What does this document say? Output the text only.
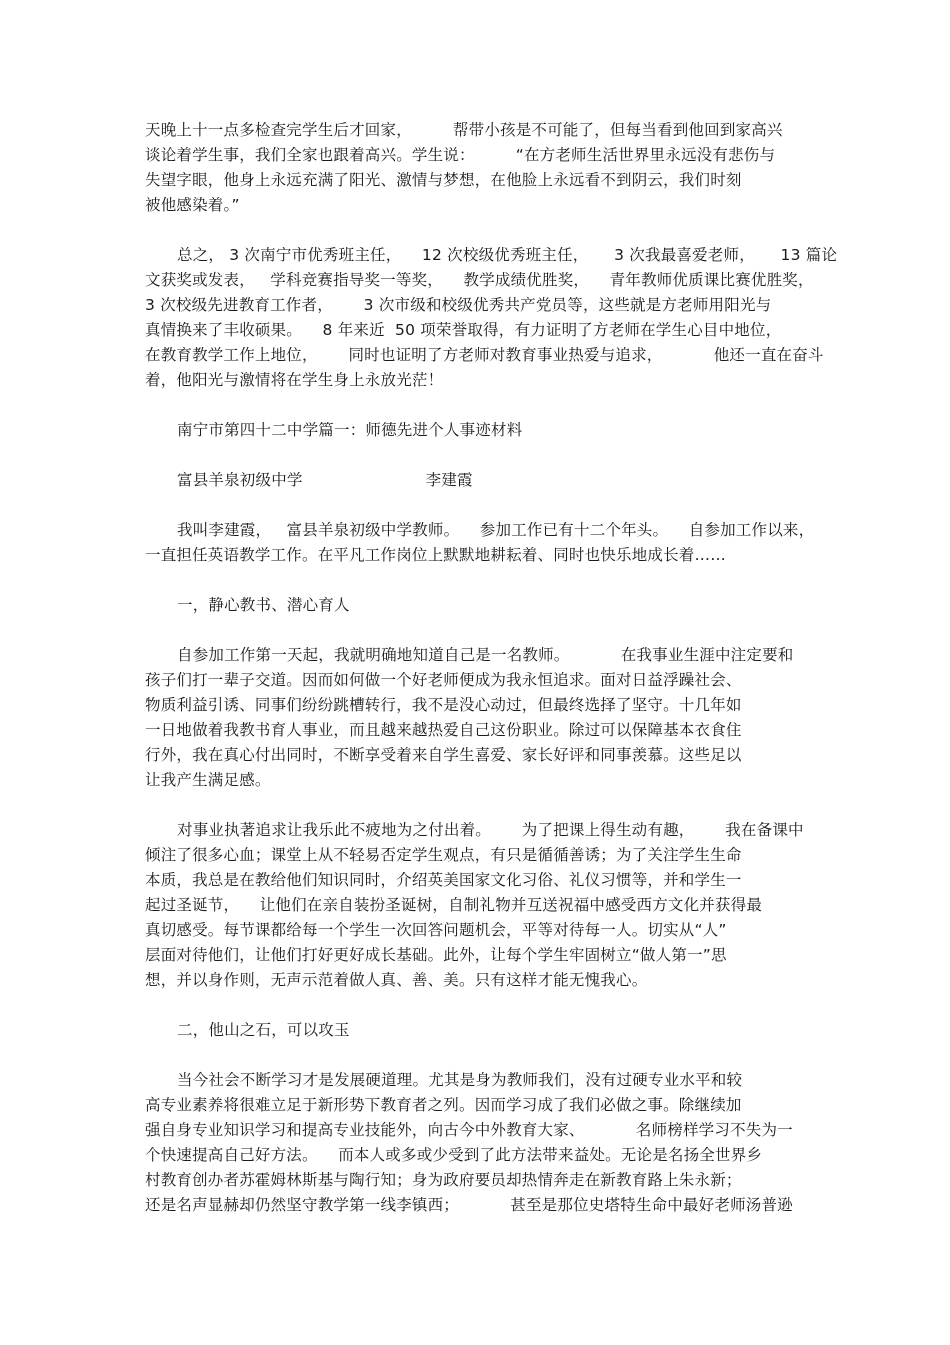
天晚上十一点多检查完学生后才回家，        帮带小孩是不可能了，但每当看到他回到家高兴
谈论着学生事，我们全家也跟着高兴。学生说：        “在方老师生活世界里永远没有悲伤与
失望字眼，他身上永远充满了阳光、激情与梦想，在他脸上永远看不到阴云，我们时刻
被他感染着。”
总之， 3 次南宁市优秀班主任，    12 次校级优秀班主任，     3 次我最喜爱老师，     13 篇论
文获奖或发表，   学科竞赛指导奖一等奖，    教学成绩优胜奖，    青年教师优质课比赛优胜奖，
3 次校级先进教育工作者，      3 次市级和校级优秀共产党员等，这些就是方老师用阳光与
真情换来了丰收硕果。    8 年来近  50 项荣誉取得，有力证明了方老师在学生心目中地位，
在教育教学工作上地位，      同时也证明了方老师对教育事业热爱与追求，          他还一直在奋斗
着，他阳光与激情将在学生身上永放光茫！
南宁市第四十二中学篇一：师德先进个人事迹材料
富县羊泉初级中学                        李建霞
我叫李建霞，   富县羊泉初级中学教师。    参加工作已有十二个年头。    自参加工作以来，
一直担任英语教学工作。在平凡工作岗位上默默地耕耘着、同时也快乐地成长着……
一，静心教书、潜心育人
自参加工作第一天起，我就明确地知道自己是一名教师。          在我事业生涯中注定要和
孩子们打一辈子交道。因而如何做一个好老师便成为我永恒追求。面对日益浮躁社会、
物质利益引诱、同事们纷纷跳槽转行，我不是没心动过，但最终选择了坚守。十几年如
一日地做着我教书育人事业，而且越来越热爱自己这份职业。除过可以保障基本衣食住
行外，我在真心付出同时，不断享受着来自学生喜爱、家长好评和同事羡慕。这些足以
让我产生满足感。
对事业执著追求让我乐此不疲地为之付出着。      为了把课上得生动有趣，      我在备课中
倾注了很多心血；课堂上从不轻易否定学生观点，有只是循循善诱；为了关注学生生命
本质，我总是在教给他们知识同时，介绍英美国家文化习俗、礼仪习惯等，并和学生一
起过圣诞节，    让他们在亲自装扮圣诞树，自制礼物并互送祝福中感受西方文化并获得最
真切感受。每节课都给每一个学生一次回答问题机会，平等对待每一人。切实从“人”
层面对待他们，让他们打好更好成长基础。此外，让每个学生牢固树立“做人第一”思
想，并以身作则，无声示范着做人真、善、美。只有这样才能无愧我心。
二，他山之石，可以攻玉
当今社会不断学习才是发展硬道理。尤其是身为教师我们，没有过硬专业水平和较
高专业素养将很难立足于新形势下教育者之列。因而学习成了我们必做之事。除继续加
强自身专业知识学习和提高专业技能外，向古今中外教育大家、          名师榜样学习不失为一
个快速提高自己好方法。    而本人或多或少受到了此方法带来益处。无论是名扬全世界乡
村教育创办者苏霍姆林斯基与陶行知；身为政府要员却热情奔走在新教育路上朱永新；
还是名声显赫却仍然坚守教学第一线李镇西；          甚至是那位史塔特生命中最好老师汤普逊
